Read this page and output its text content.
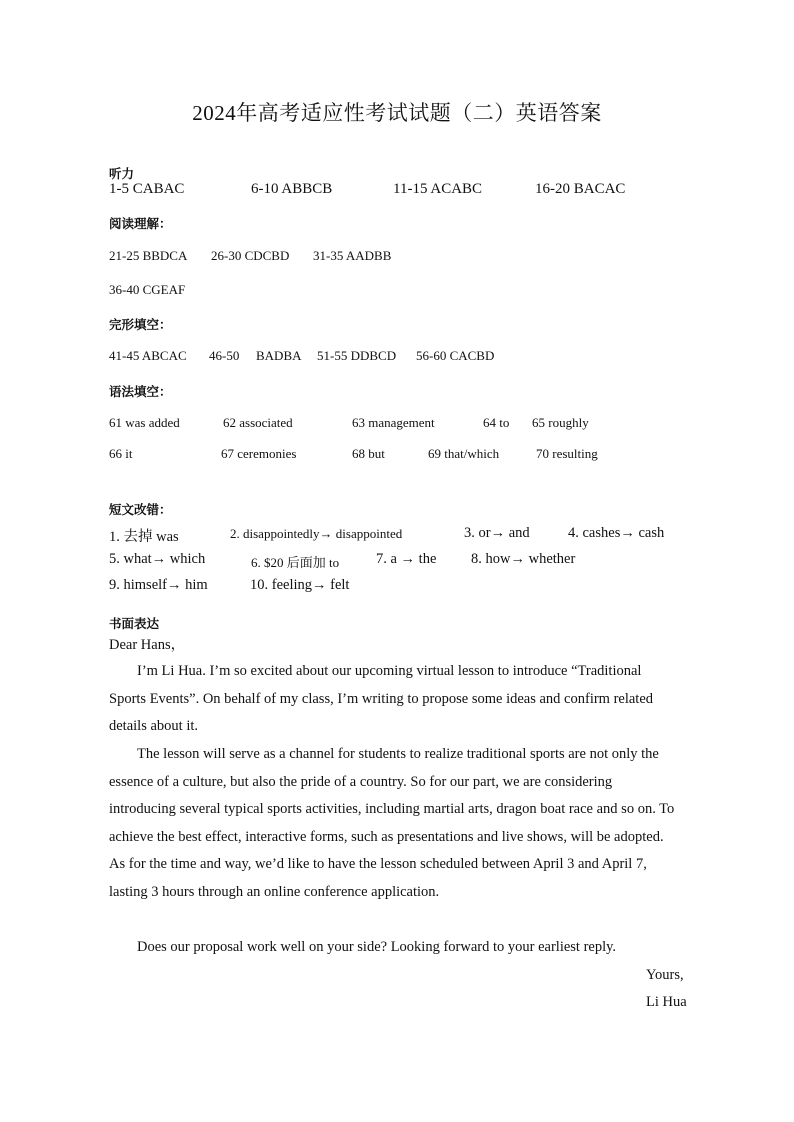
2024年高考适应性考试试题（二）英语答案
听力
1-5 CABAC	6-10 ABBCB	11-15 ACABC	16-20 BACAC
阅读理解：
21-25 BBDCA 26-30 CDCBD 31-35 AADBB
36-40 CGEAF
完形填空：
41-45 ABCAC 46-50 BADBA 51-55 DDBCD 56-60 CACBD
语法填空：
61 was added	62 associated	63 management	64 to 65 roughly
66 it	67 ceremonies	68 but	69 that/which	70 resulting
短文改错：
1. 去掉 was	2. disappointedly→ disappointed	3. or→ and	4. cashes→ cash
5. what→ which	6. $20 后面加 to	7. a → the 8. how→ whether
9. himself→ him	10. feeling→ felt
书面表达
Dear Hans，
I’m Li Hua. I’m so excited about our upcoming virtual lesson to introduce “Traditional Sports Events”. On behalf of my class, I’m writing to propose some ideas and confirm related details about it.
The lesson will serve as a channel for students to realize traditional sports are not only the essence of a culture, but also the pride of a country. So for our part, we are considering introducing several typical sports activities, including martial arts, dragon boat race and so on. To achieve the best effect, interactive forms, such as presentations and live shows, will be adopted. As for the time and way, we’d like to have the lesson scheduled between April 3 and April 7, lasting 3 hours through an online conference application.
Does our proposal work well on your side? Looking forward to your earliest reply.
Yours,
Li Hua
